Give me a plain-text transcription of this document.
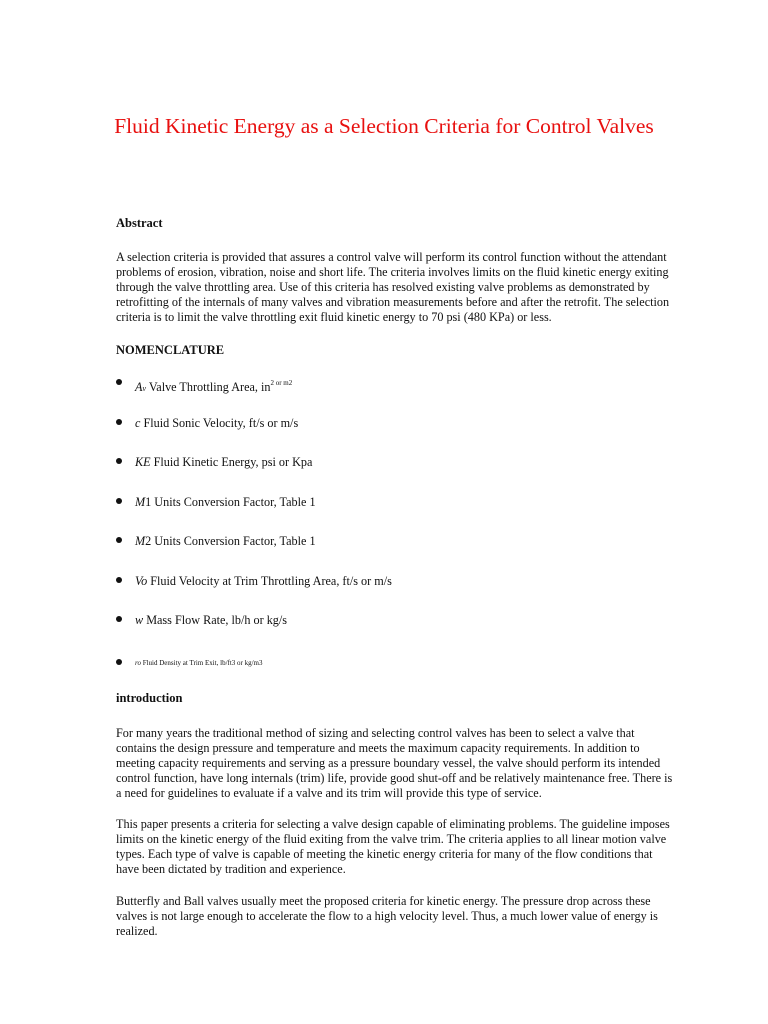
Fluid Kinetic Energy as a Selection Criteria for Control Valves
Abstract

A selection criteria is provided that assures a control valve will perform its control function without the attendant problems of erosion, vibration, noise and short life. The criteria involves limits on the fluid kinetic energy exiting through the valve throttling area. Use of this criteria has resolved existing valve problems as demonstrated by retrofitting of the internals of many valves and vibration measurements before and after the retrofit. The selection criteria is to limit the valve throttling exit fluid kinetic energy to 70 psi (480 KPa) or less.

NOMENCLATURE
Av Valve Throttling Area, $in^{2 or m2}$
c Fluid Sonic Velocity, ft/s or m/s
KE Fluid Kinetic Energy, psi or Kpa
M1 Units Conversion Factor, Table 1
M2 Units Conversion Factor, Table 1
Vo Fluid Velocity at Trim Throttling Area, ft/s or m/s
w Mass Flow Rate, lb/h or kg/s
ro Fluid Density at Trim Exit, lb/ft3 or kg/m3
introduction

For many years the traditional method of sizing and selecting control valves has been to select a valve that contains the design pressure and temperature and meets the maximum capacity requirements. In addition to meeting capacity requirements and serving as a pressure boundary vessel, the valve should perform its intended control function, have long internals (trim) life, provide good shut-off and be relatively maintenance free. There is a need for guidelines to evaluate if a valve and its trim will provide this type of service.

This paper presents a criteria for selecting a valve design capable of eliminating problems. The guideline imposes limits on the kinetic energy of the fluid exiting from the valve trim. The criteria applies to all linear motion valve types. Each type of valve is capable of meeting the kinetic energy criteria for many of the flow conditions that have been dictated by tradition and experience.

Butterfly and Ball valves usually meet the proposed criteria for kinetic energy. The pressure drop across these valves is not large enough to accelerate the flow to a high velocity level. Thus, a much lower value of energy is realized.
